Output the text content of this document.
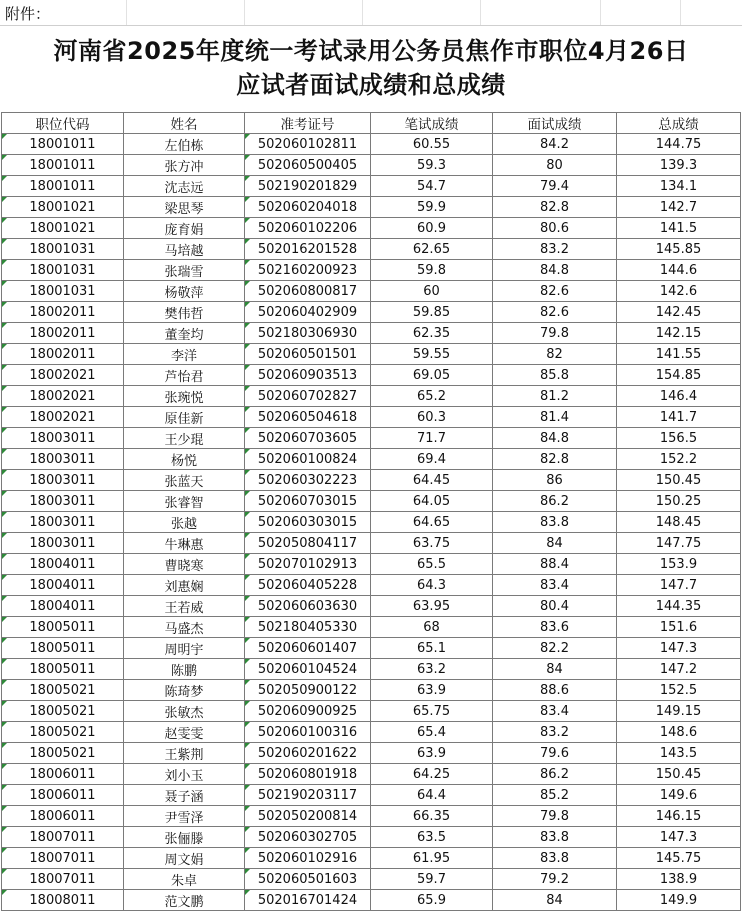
附件：
河南省2025年度统一考试录用公务员焦作市职位4月26日
应试者面试成绩和总成绩
职位代码	姓名	准考证号	笔试成绩	面试成绩	总成绩

18001011	左伯栋	502060102811	60.55	84.2	144.75

18001011	张方冲	502060500405	59.3	80	139.3

18001011	沈志远	502190201829	54.7	79.4	134.1

18001021	梁思琴	502060204018	59.9	82.8	142.7

18001021	庞育娟	502060102206	60.9	80.6	141.5

18001031	马培越	502016201528	62.65	83.2	145.85

18001031	张瑞雪	502160200923	59.8	84.8	144.6

18001031	杨敬萍	502060800817	60	82.6	142.6

18002011	樊伟哲	502060402909	59.85	82.6	142.45

18002011	董奎均	502180306930	62.35	79.8	142.15

18002011	李洋	502060501501	59.55	82	141.55

18002021	芦怡君	502060903513	69.05	85.8	154.85

18002021	张琬悦	502060702827	65.2	81.2	146.4

18002021	原佳新	502060504618	60.3	81.4	141.7

18003011	王少琨	502060703605	71.7	84.8	156.5

18003011	杨悦	502060100824	69.4	82.8	152.2

18003011	张蓝天	502060302223	64.45	86	150.45

18003011	张睿智	502060703015	64.05	86.2	150.25

18003011	张越	502060303015	64.65	83.8	148.45

18003011	牛琳惠	502050804117	63.75	84	147.75

18004011	曹晓寒	502070102913	65.5	88.4	153.9

18004011	刘惠娴	502060405228	64.3	83.4	147.7

18004011	王若威	502060603630	63.95	80.4	144.35

18005011	马盛杰	502180405330	68	83.6	151.6

18005011	周明宇	502060601407	65.1	82.2	147.3

18005011	陈鹏	502060104524	63.2	84	147.2

18005021	陈琦梦	502050900122	63.9	88.6	152.5

18005021	张敏杰	502060900925	65.75	83.4	149.15

18005021	赵雯雯	502060100316	65.4	83.2	148.6

18005021	王紫荆	502060201622	63.9	79.6	143.5

18006011	刘小玉	502060801918	64.25	86.2	150.45

18006011	聂子涵	502190203117	64.4	85.2	149.6

18006011	尹雪泽	502050200814	66.35	79.8	146.15

18007011	张俪滕	502060302705	63.5	83.8	147.3

18007011	周文娟	502060102916	61.95	83.8	145.75

18007011	朱卓	502060501603	59.7	79.2	138.9

18008011	范文鹏	502016701424	65.9	84	149.9
